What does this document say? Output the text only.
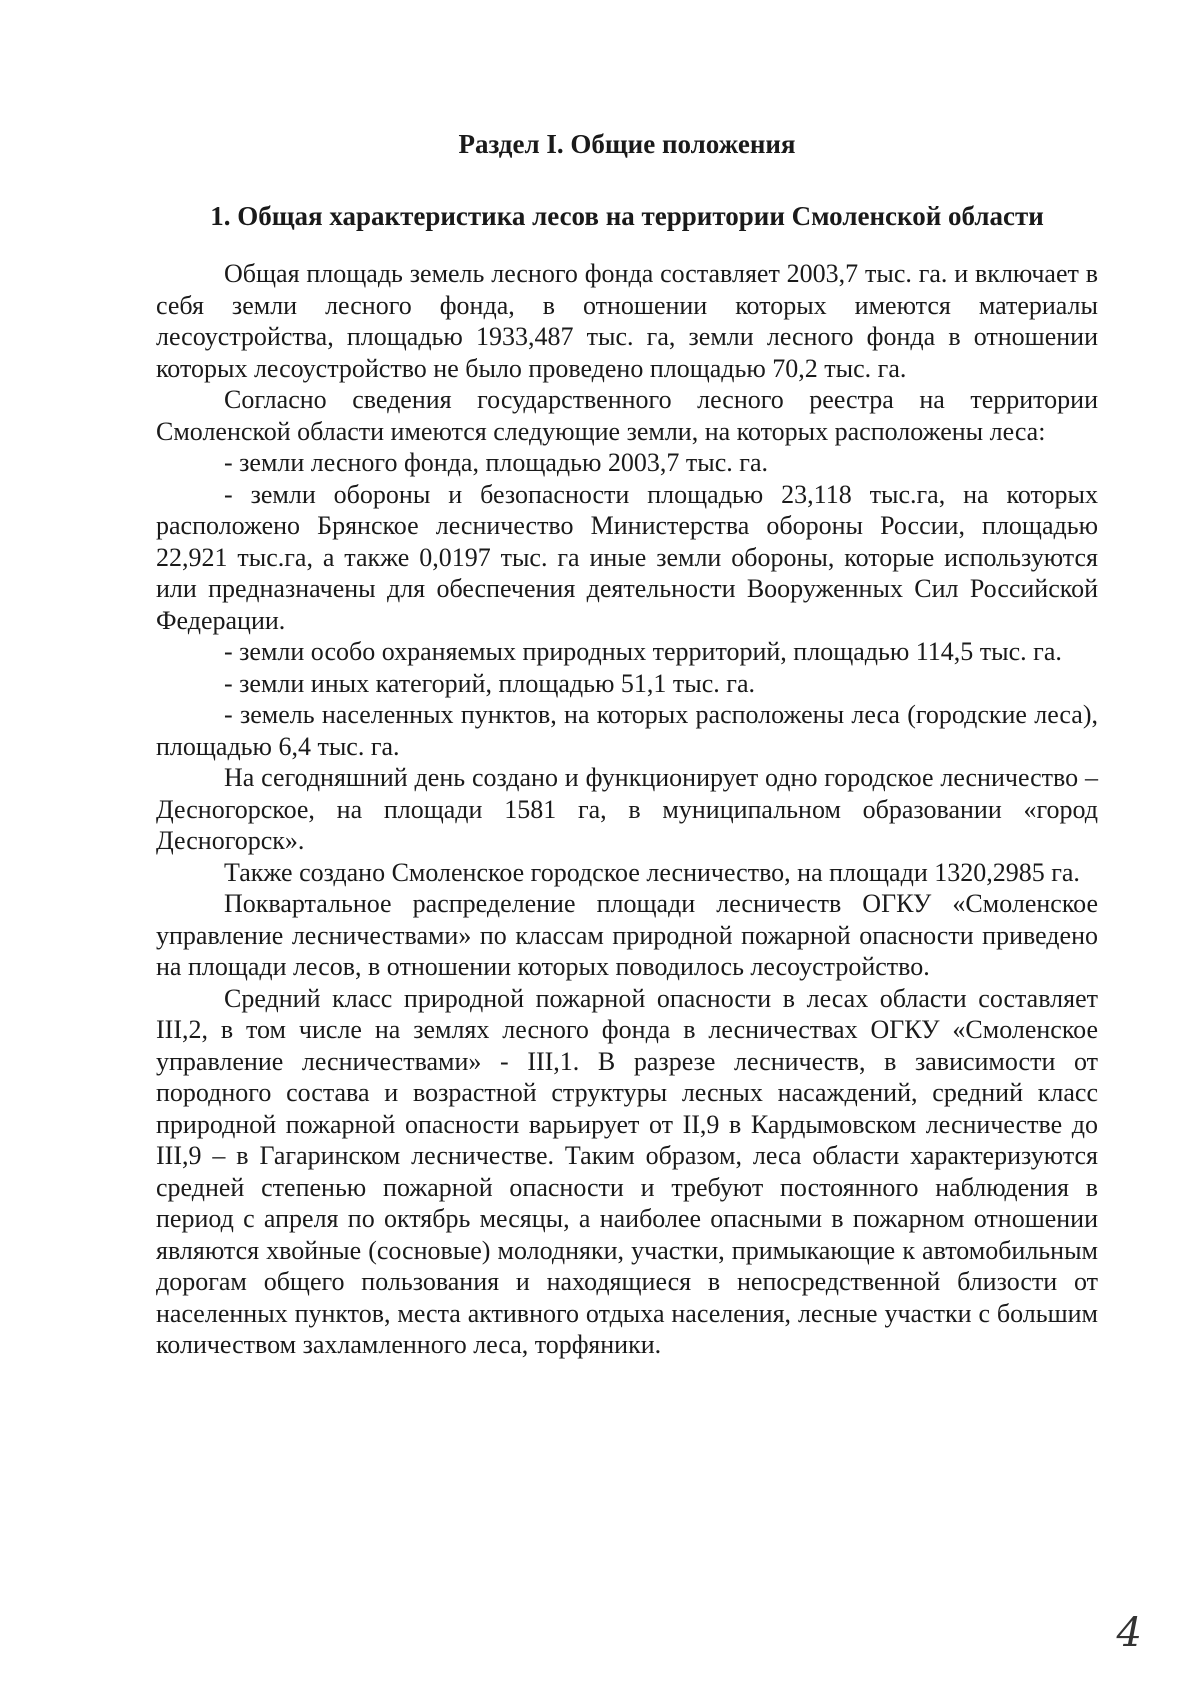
Раздел I. Общие положения
1. Общая характеристика лесов на территории Смоленской области

Общая площадь земель лесного фонда составляет 2003,7 тыс. га. и включает в себя земли лесного фонда, в отношении которых имеются материалы лесоустройства, площадью 1933,487 тыс. га, земли лесного фонда в отношении которых лесоустройство не было проведено площадью 70,2 тыс. га.

Согласно сведения государственного лесного реестра на территории Смоленской области имеются следующие земли, на которых расположены леса:

- земли лесного фонда, площадью 2003,7 тыс. га.

- земли обороны и безопасности площадью 23,118 тыс.га, на которых расположено Брянское лесничество Министерства обороны России, площадью 22,921 тыс.га, а также 0,0197 тыс. га иные земли обороны, которые используются или предназначены для обеспечения деятельности Вооруженных Сил Российской Федерации.

- земли особо охраняемых природных территорий, площадью 114,5 тыс. га.

- земли иных категорий, площадью 51,1 тыс. га.

- земель населенных пунктов, на которых расположены леса (городские леса), площадью 6,4 тыс. га.

На сегодняшний день создано и функционирует одно городское лесничество – Десногорское, на площади 1581 га, в муниципальном образовании «город Десногорск».

Также создано Смоленское городское лесничество, на площади 1320,2985 га.

Поквартальное распределение площади лесничеств ОГКУ «Смоленское управление лесничествами» по классам природной пожарной опасности приведено на площади лесов, в отношении которых поводилось лесоустройство.

Средний класс природной пожарной опасности в лесах области составляет III,2, в том числе на землях лесного фонда в лесничествах ОГКУ «Смоленское управление лесничествами» - III,1. В разрезе лесничеств, в зависимости от породного состава и возрастной структуры лесных насаждений, средний класс природной пожарной опасности варьирует от II,9 в Кардымовском лесничестве до III,9 – в Гагаринском лесничестве. Таким образом, леса области характеризуются средней степенью пожарной опасности и требуют постоянного наблюдения в период с апреля по октябрь месяцы, а наиболее опасными в пожарном отношении являются хвойные (сосновые) молодняки, участки, примыкающие к автомобильным дорогам общего пользования и находящиеся в непосредственной близости от населенных пунктов, места активного отдыха населения, лесные участки с большим количеством захламленного леса, торфяники.

4
